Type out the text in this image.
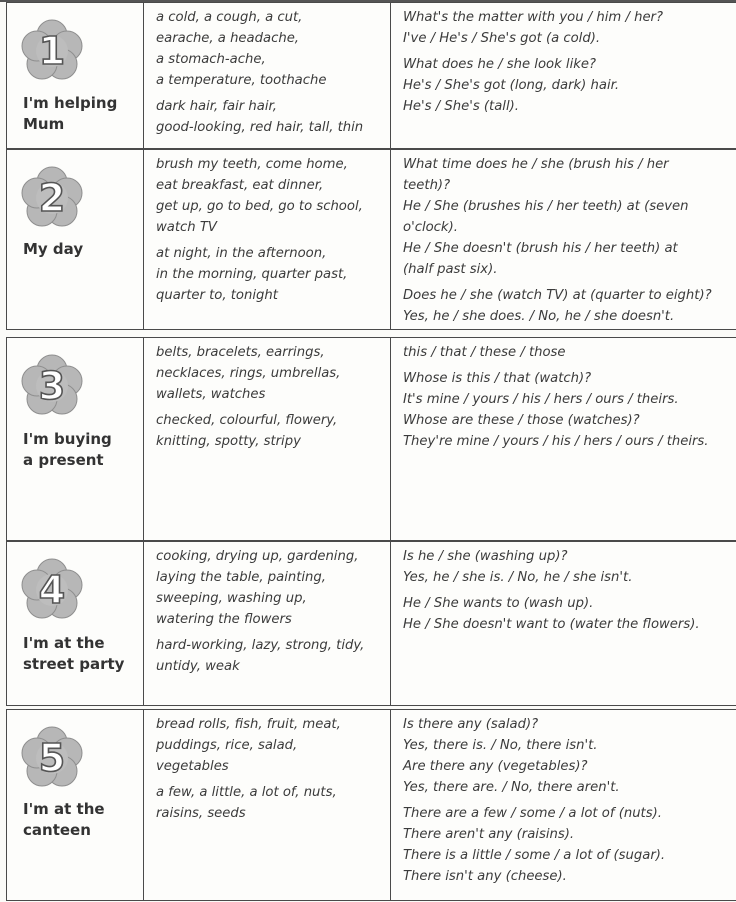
1
I'm helping
Mum
a cold, a cough, a cut,
earache, a headache,
a stomach-ache,
a temperature, toothache
dark hair, fair hair,
good-looking, red hair, tall, thin
What's the matter with you / him / her?
I've / He's / She's got (a cold).
What does he / she look like?
He's / She's got (long, dark) hair.
He's / She's (tall).
2
My day
brush my teeth, come home,
eat breakfast, eat dinner,
get up, go to bed, go to school,
watch TV
at night, in the afternoon,
in the morning, quarter past,
quarter to, tonight
What time does he / she (brush his / her
teeth)?
He / She (brushes his / her teeth) at (seven
o'clock).
He / She doesn't (brush his / her teeth) at
(half past six).
Does he / she (watch TV) at (quarter to eight)?
Yes, he / she does. / No, he / she doesn't.
3
I'm buying
a present
belts, bracelets, earrings,
necklaces, rings, umbrellas,
wallets, watches
checked, colourful, flowery,
knitting, spotty, stripy
this / that / these / those
Whose is this / that (watch)?
It's mine / yours / his / hers / ours / theirs.
Whose are these / those (watches)?
They're mine / yours / his / hers / ours / theirs.
4
I'm at the
street party
cooking, drying up, gardening,
laying the table, painting,
sweeping, washing up,
watering the flowers
hard-working, lazy, strong, tidy,
untidy, weak
Is he / she (washing up)?
Yes, he / she is. / No, he / she isn't.
He / She wants to (wash up).
He / She doesn't want to (water the flowers).
5
I'm at the
canteen
bread rolls, fish, fruit, meat,
puddings, rice, salad,
vegetables
a few, a little, a lot of, nuts,
raisins, seeds
Is there any (salad)?
Yes, there is. / No, there isn't.
Are there any (vegetables)?
Yes, there are. / No, there aren't.
There are a few / some / a lot of (nuts).
There aren't any (raisins).
There is a little / some / a lot of (sugar).
There isn't any (cheese).
